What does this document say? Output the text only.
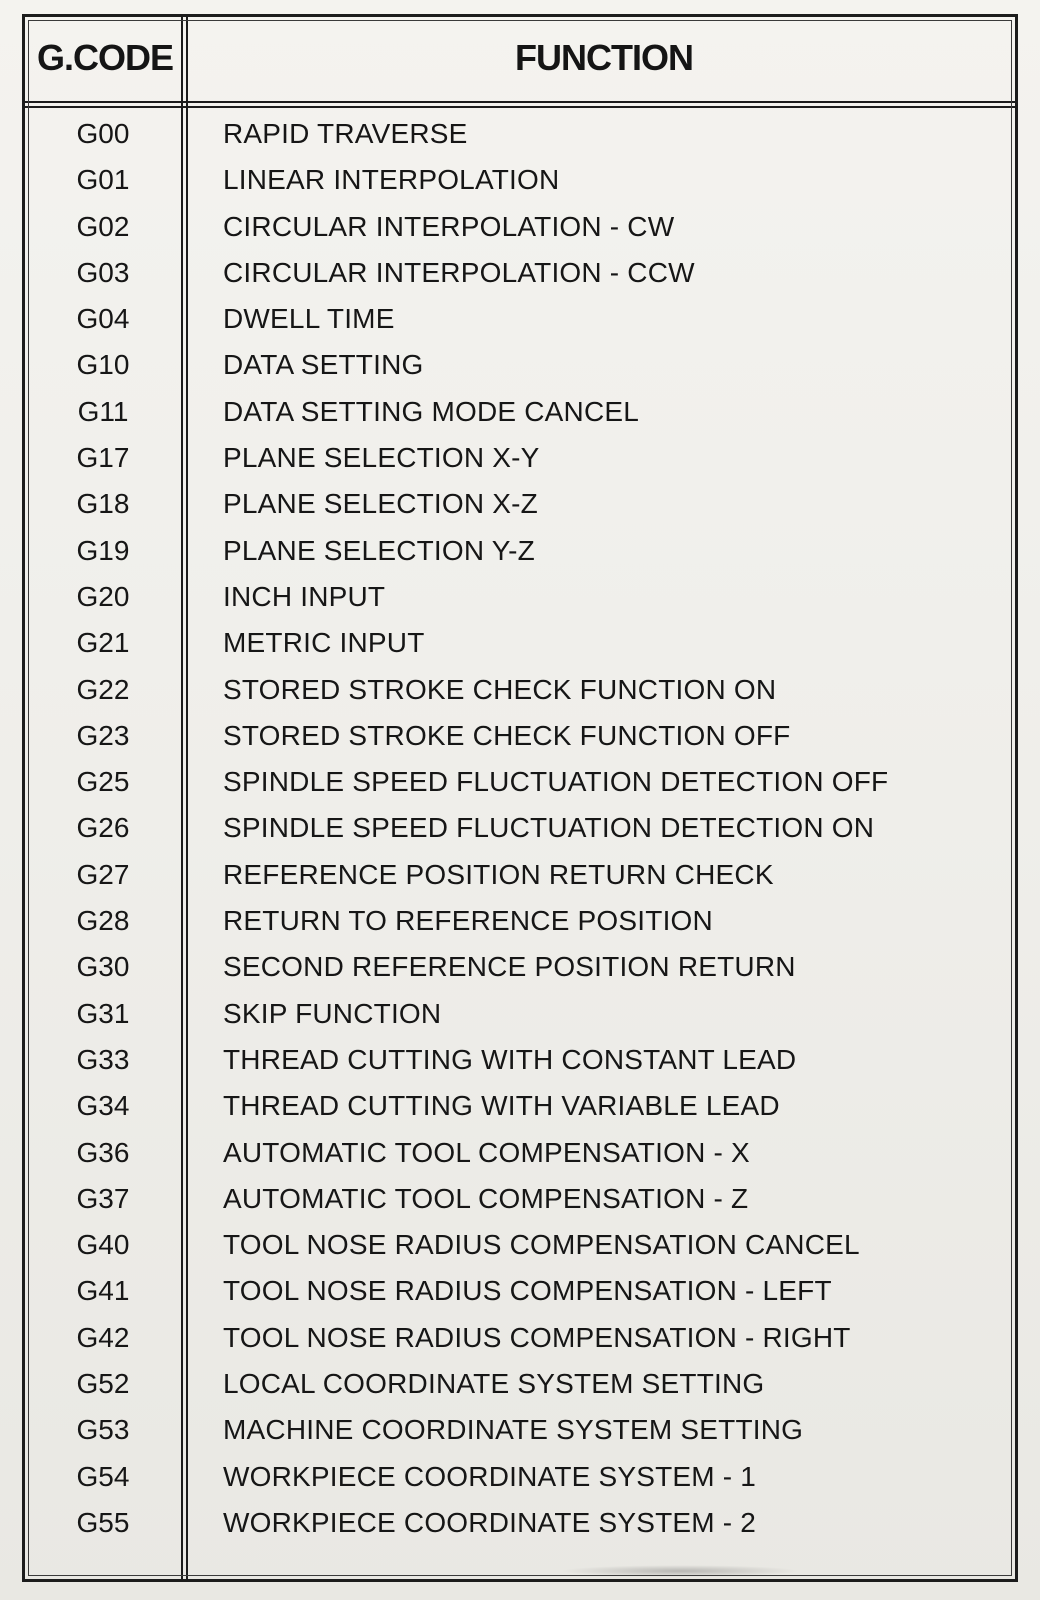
G.CODE	FUNCTION
G00	RAPID TRAVERSE
G01	LINEAR INTERPOLATION
G02	CIRCULAR INTERPOLATION - CW
G03	CIRCULAR INTERPOLATION - CCW
G04	DWELL TIME
G10	DATA SETTING
G11	DATA SETTING MODE CANCEL
G17	PLANE SELECTION X-Y
G18	PLANE SELECTION X-Z
G19	PLANE SELECTION Y-Z
G20	INCH INPUT
G21	METRIC INPUT
G22	STORED STROKE CHECK FUNCTION ON
G23	STORED STROKE CHECK FUNCTION OFF
G25	SPINDLE SPEED FLUCTUATION DETECTION OFF
G26	SPINDLE SPEED FLUCTUATION DETECTION ON
G27	REFERENCE POSITION RETURN CHECK
G28	RETURN TO REFERENCE POSITION
G30	SECOND REFERENCE POSITION RETURN
G31	SKIP FUNCTION
G33	THREAD CUTTING WITH CONSTANT LEAD
G34	THREAD CUTTING WITH VARIABLE LEAD
G36	AUTOMATIC TOOL COMPENSATION - X
G37	AUTOMATIC TOOL COMPENSATION - Z
G40	TOOL NOSE RADIUS COMPENSATION CANCEL
G41	TOOL NOSE RADIUS COMPENSATION - LEFT
G42	TOOL NOSE RADIUS COMPENSATION - RIGHT
G52	LOCAL COORDINATE SYSTEM SETTING
G53	MACHINE COORDINATE SYSTEM SETTING
G54	WORKPIECE COORDINATE SYSTEM - 1
G55	WORKPIECE COORDINATE SYSTEM - 2
